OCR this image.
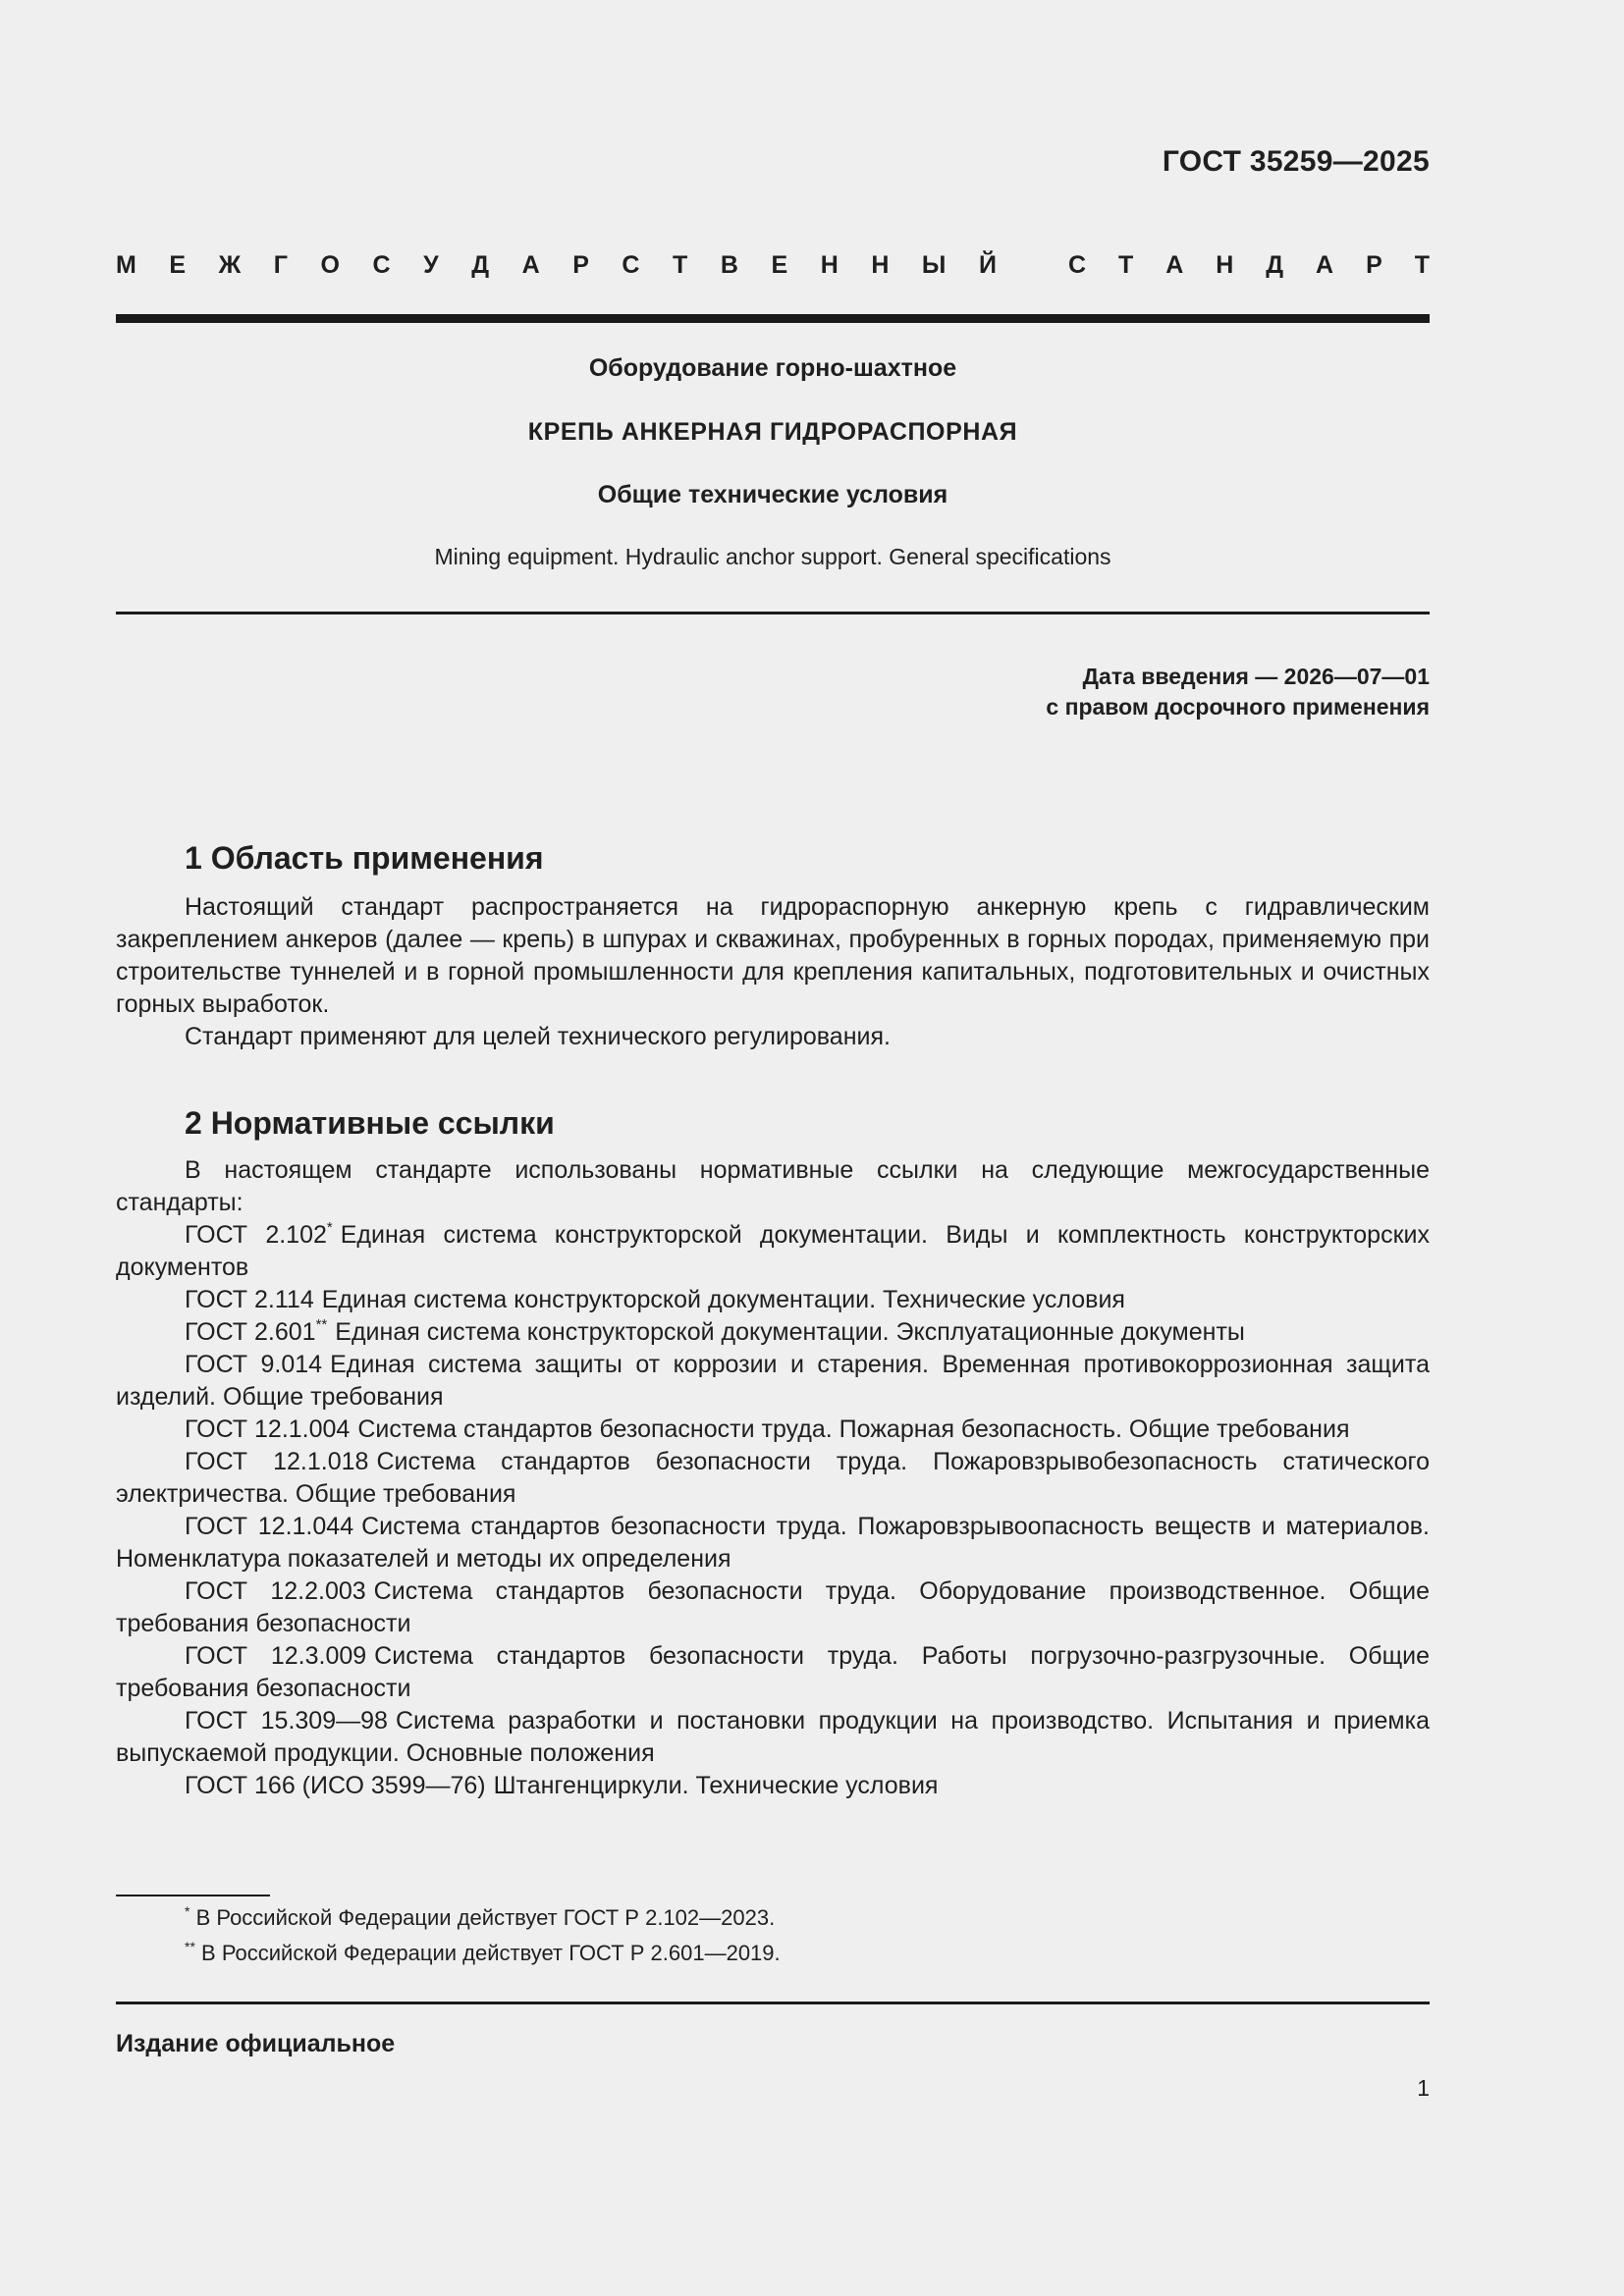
ГОСТ 35259—2025
М Е Ж Г О С У Д А Р С Т В Е Н Н Ы Й	С Т А Н Д А Р Т
Оборудование горно-шахтное
КРЕПЬ АНКЕРНАЯ ГИДРОРАСПОРНАЯ
Общие технические условия
Mining equipment. Hydraulic anchor support. General specifications
Дата введения — 2026—07—01
с правом досрочного применения
1 Область применения

Настоящий стандарт распространяется на гидрораспорную анкерную крепь с гидравлическим закреплением анкеров (далее — крепь) в шпурах и скважинах, пробуренных в горных породах, применяемую при строительстве туннелей и в горной промышленности для крепления капитальных, подготовительных и очистных горных выработок.

Стандарт применяют для целей технического регулирования.

2 Нормативные ссылки

В настоящем стандарте использованы нормативные ссылки на следующие межгосударственные стандарты:

ГОСТ 2.102* Единая система конструкторской документации. Виды и комплектность конструкторских документов

ГОСТ 2.114 Единая система конструкторской документации. Технические условия

ГОСТ 2.601** Единая система конструкторской документации. Эксплуатационные документы

ГОСТ 9.014 Единая система защиты от коррозии и старения. Временная противокоррозионная защита изделий. Общие требования

ГОСТ 12.1.004 Система стандартов безопасности труда. Пожарная безопасность. Общие требования

ГОСТ 12.1.018 Система стандартов безопасности труда. Пожаровзрывобезопасность статического электричества. Общие требования

ГОСТ 12.1.044 Система стандартов безопасности труда. Пожаровзрывоопасность веществ и материалов. Номенклатура показателей и методы их определения

ГОСТ 12.2.003 Система стандартов безопасности труда. Оборудование производственное. Общие требования безопасности

ГОСТ 12.3.009 Система стандартов безопасности труда. Работы погрузочно-разгрузочные. Общие требования безопасности

ГОСТ 15.309—98 Система разработки и постановки продукции на производство. Испытания и приемка выпускаемой продукции. Основные положения

ГОСТ 166 (ИСО 3599—76) Штангенциркули. Технические условия

* В Российской Федерации действует ГОСТ Р 2.102—2023.
** В Российской Федерации действует ГОСТ Р 2.601—2019.
Издание официальное
1
